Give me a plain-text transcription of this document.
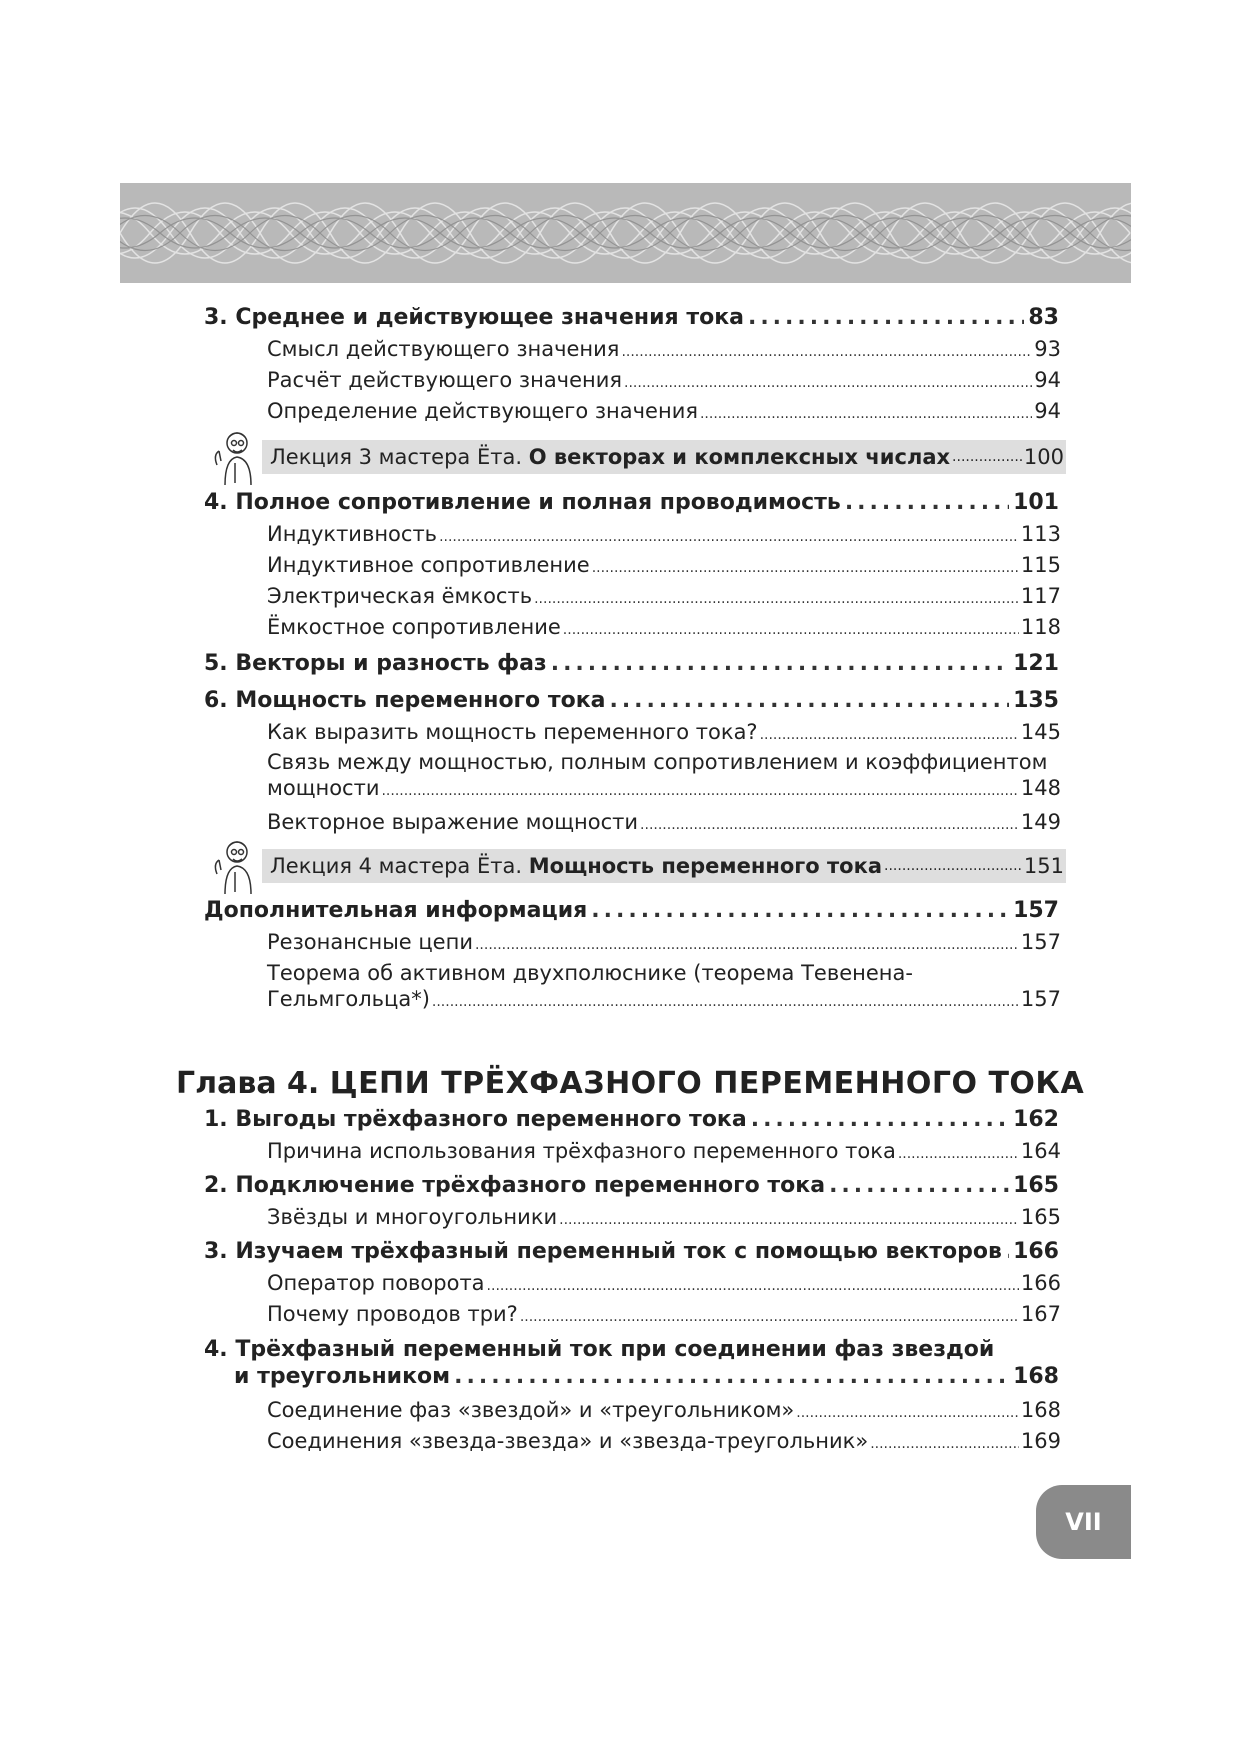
3. Среднее и действующее значения тока .....	83
Смысл действующего значения .....	93
Расчёт действующего значения .....	94
Определение действующего значения .....	94
Лекция 3 мастера Ёта. О векторах и комплексных числах .....	100
4. Полное сопротивление и полная проводимость .....	101
Индуктивность .....	113
Индуктивное сопротивление .....	115
Электрическая ёмкость .....	117
Ёмкостное сопротивление .....	118
5. Векторы и разность фаз .....	121
6. Мощность переменного тока .....	135
Как выразить мощность переменного тока? .....	145
Связь между мощностью, полным сопротивлением и коэффициентом
мощности .....	148
Векторное выражение мощности .....	149
Лекция 4 мастера Ёта. Мощность переменного тока .....	151
Дополнительная информация .....	157
Резонансные цепи .....	157
Теорема об активном двухполюснике (теорема Тевенена-
Гельмгольца*) .....	157
Глава 4. ЦЕПИ ТРЁХФАЗНОГО ПЕРЕМЕННОГО ТОКА
1. Выгоды трёхфазного переменного тока .....	162
Причина использования трёхфазного переменного тока .....	164
2. Подключение трёхфазного переменного тока .....	165
Звёзды и многоугольники .....	165
3. Изучаем трёхфазный переменный ток с помощью векторов ..... 166
Оператор поворота .....	166
Почему проводов три? .....	167
4. Трёхфазный переменный ток при соединении фаз звездой
и треугольником .....	168
Соединение фаз «звездой» и «треугольником» .....	168
Соединения «звезда-звезда» и «звезда-треугольник» .....	169
VII
